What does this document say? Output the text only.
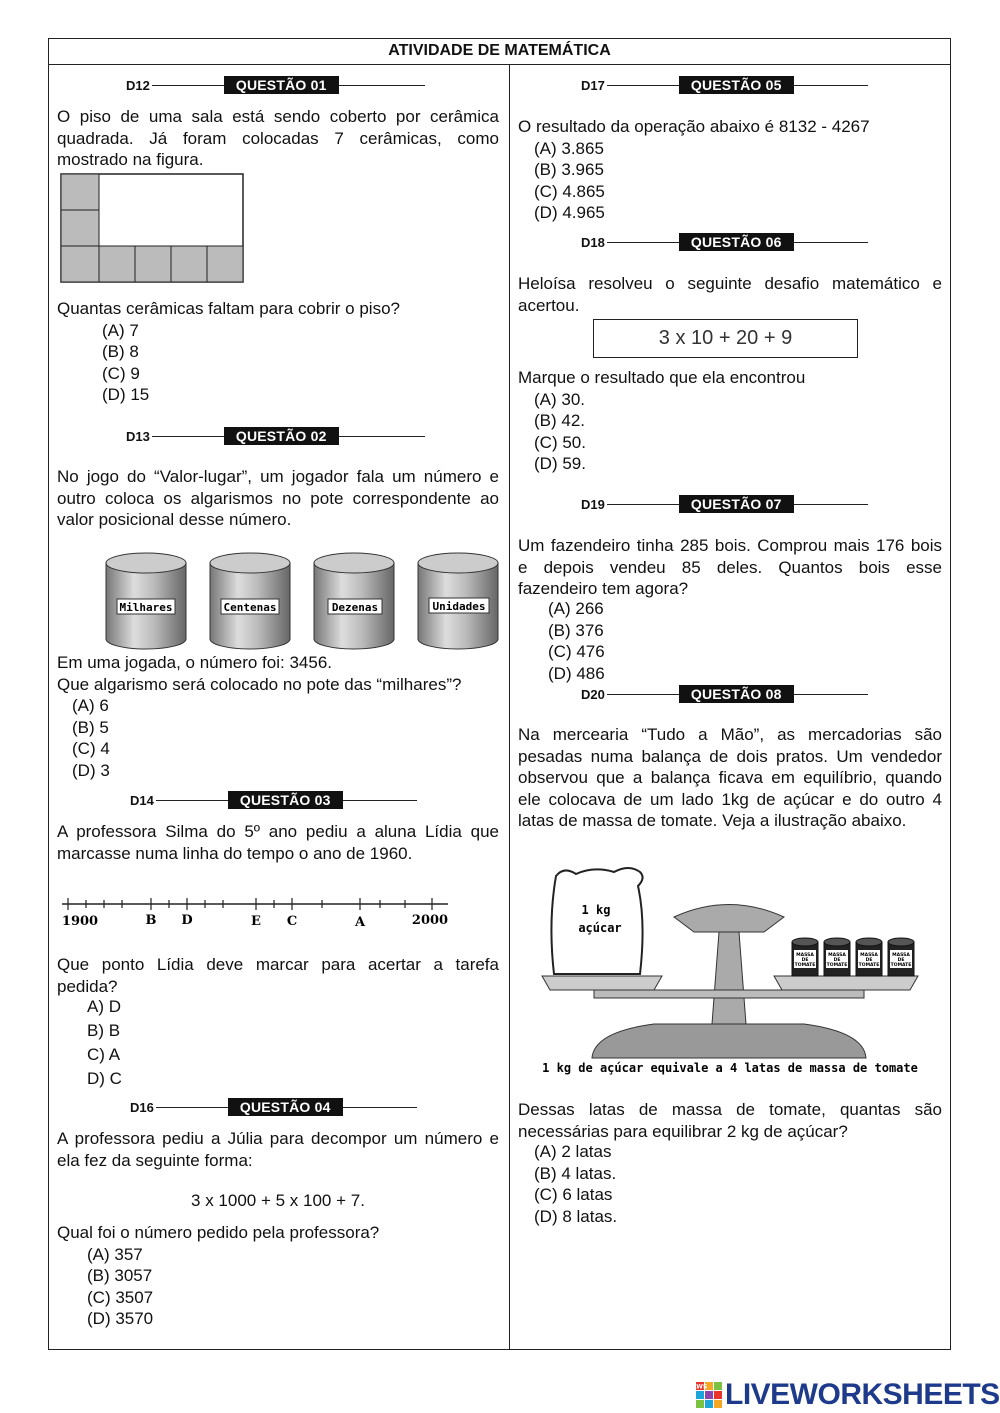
ATIVIDADE DE MATEMÁTICA
D12	QUESTÃO 01
O piso de uma sala está sendo coberto por cerâmica quadrada. Já foram colocadas 7 cerâmicas, como mostrado na figura.
Quantas cerâmicas faltam para cobrir o piso?
(A) 7
(B) 8
(C) 9
(D) 15
D13	QUESTÃO 02
No jogo do “Valor-lugar”, um jogador fala um número e outro coloca os algarismos no pote correspondente ao valor posicional desse número.
Milhares	Centenas	Dezenas	Unidades
Em uma jogada, o número foi: 3456.
Que algarismo será colocado no pote das “milhares”?
(A) 6
(B) 5
(C) 4
(D) 3
D14	QUESTÃO 03
A professora Silma do 5º ano pediu a aluna Lídia que marcasse numa linha do tempo o ano de 1960.
1900	B D	E C	A	2000
Que ponto Lídia deve marcar para acertar a tarefa pedida?
A) D
B) B
C) A
D) C
D16	QUESTÃO 04
A professora pediu a Júlia para decompor um número e ela fez da seguinte forma:
3 x 1000 + 5 x 100 + 7.
Qual foi o número pedido pela professora?
(A) 357
(B) 3057
(C) 3507
(D) 3570
D17	QUESTÃO 05
O resultado da operação abaixo é 8132 - 4267
(A) 3.865
(B) 3.965
(C) 4.865
(D) 4.965
D18	QUESTÃO 06
Heloísa resolveu o seguinte desafio matemático e acertou.
3 x 10 + 20 + 9
Marque o resultado que ela encontrou
(A) 30.
(B) 42.
(C) 50.
(D) 59.
D19	QUESTÃO 07
Um fazendeiro tinha 285 bois. Comprou mais 176 bois e depois vendeu 85 deles. Quantos bois esse fazendeiro tem agora?
(A) 266
(B) 376
(C) 476
(D) 486
D20	QUESTÃO 08
Na mercearia “Tudo a Mão”, as mercadorias são pesadas numa balança de dois pratos. Um vendedor observou que a balança ficava em equilíbrio, quando ele colocava de um lado 1kg de açúcar e do outro 4 latas de massa de tomate. Veja a ilustração abaixo.
1 kg
açúcar
MASSA
DE
TOMATE
MASSA
DE
TOMATE
MASSA
DE
TOMATE
MASSA
DE
TOMATE
1 kg de açúcar equivale a 4 latas de massa de tomate
Dessas latas de massa de tomate, quantas são necessárias para equilibrar 2 kg de açúcar?
(A) 2 latas
(B) 4 latas.
(C) 6 latas
(D) 8 latas.
LWS LIVEWORKSHEETS
